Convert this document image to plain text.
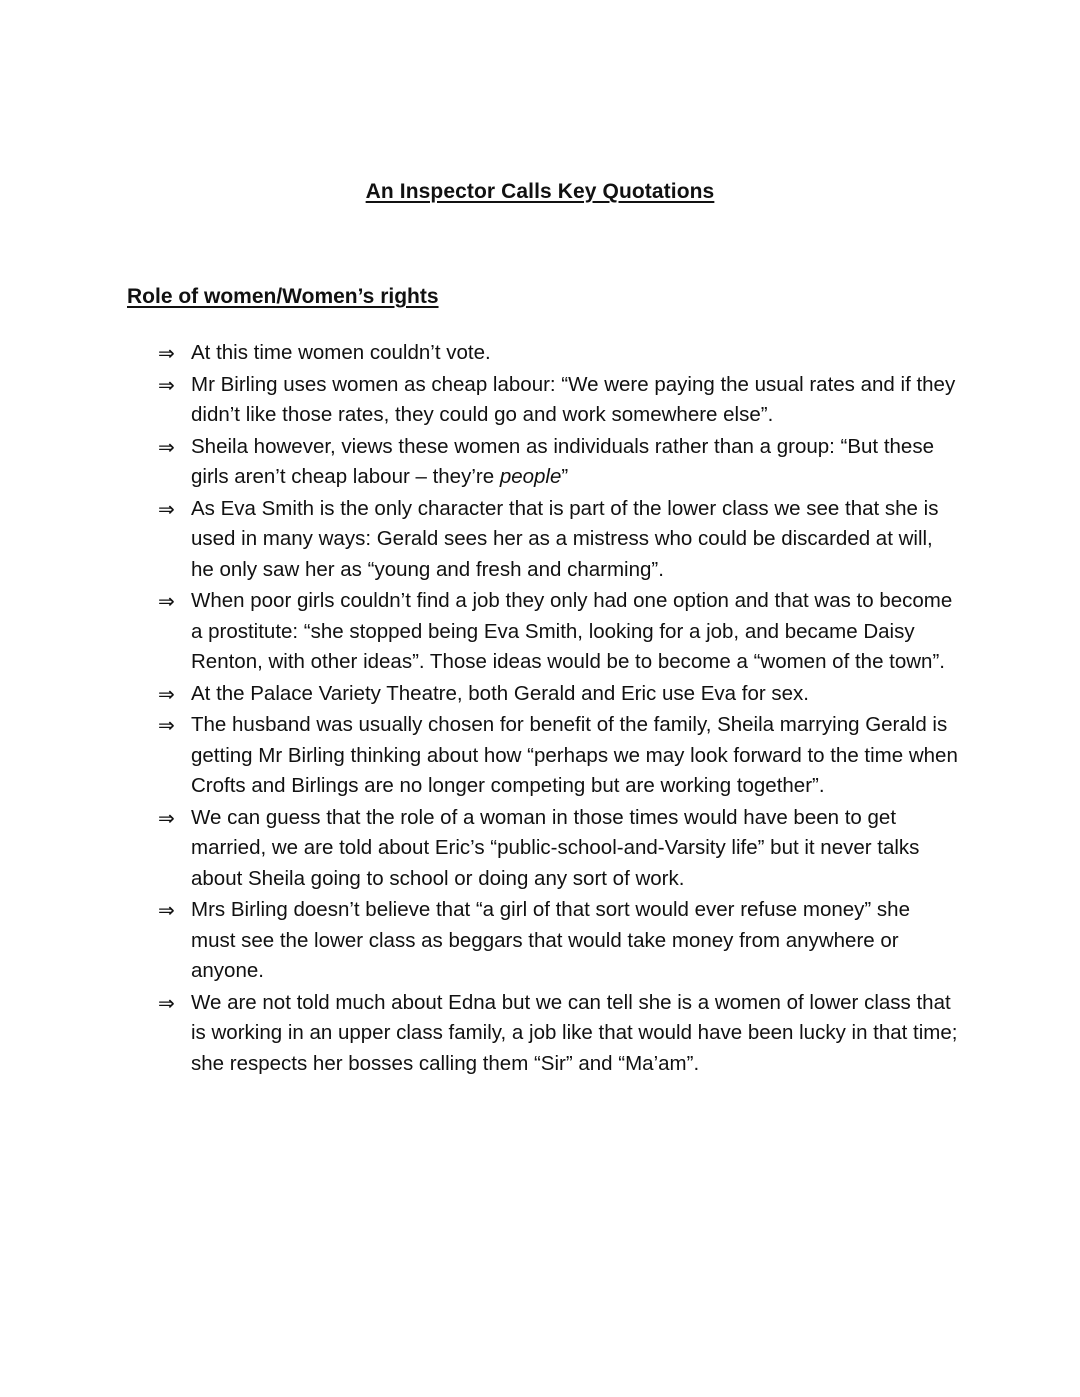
An Inspector Calls Key Quotations
Role of women/Women’s rights
⇒ At this time women couldn’t vote.
⇒ Mr Birling uses women as cheap labour: “We were paying the usual rates and if they didn’t like those rates, they could go and work somewhere else”.
⇒ Sheila however, views these women as individuals rather than a group: “But these girls aren’t cheap labour – they’re people”
⇒ As Eva Smith is the only character that is part of the lower class we see that she is used in many ways: Gerald sees her as a mistress who could be discarded at will, he only saw her as “young and fresh and charming”.
⇒ When poor girls couldn’t find a job they only had one option and that was to become a prostitute: “she stopped being Eva Smith, looking for a job, and became Daisy Renton, with other ideas”. Those ideas would be to become a “women of the town”.
⇒ At the Palace Variety Theatre, both Gerald and Eric use Eva for sex.
⇒ The husband was usually chosen for benefit of the family, Sheila marrying Gerald is getting Mr Birling thinking about how “perhaps we may look forward to the time when Crofts and Birlings are no longer competing but are working together”.
⇒ We can guess that the role of a woman in those times would have been to get married, we are told about Eric’s “public-school-and-Varsity life” but it never talks about Sheila going to school or doing any sort of work.
⇒ Mrs Birling doesn’t believe that “a girl of that sort would ever refuse money” she must see the lower class as beggars that would take money from anywhere or anyone.
⇒ We are not told much about Edna but we can tell she is a women of lower class that is working in an upper class family, a job like that would have been lucky in that time; she respects her bosses calling them “Sir” and “Ma’am”.
